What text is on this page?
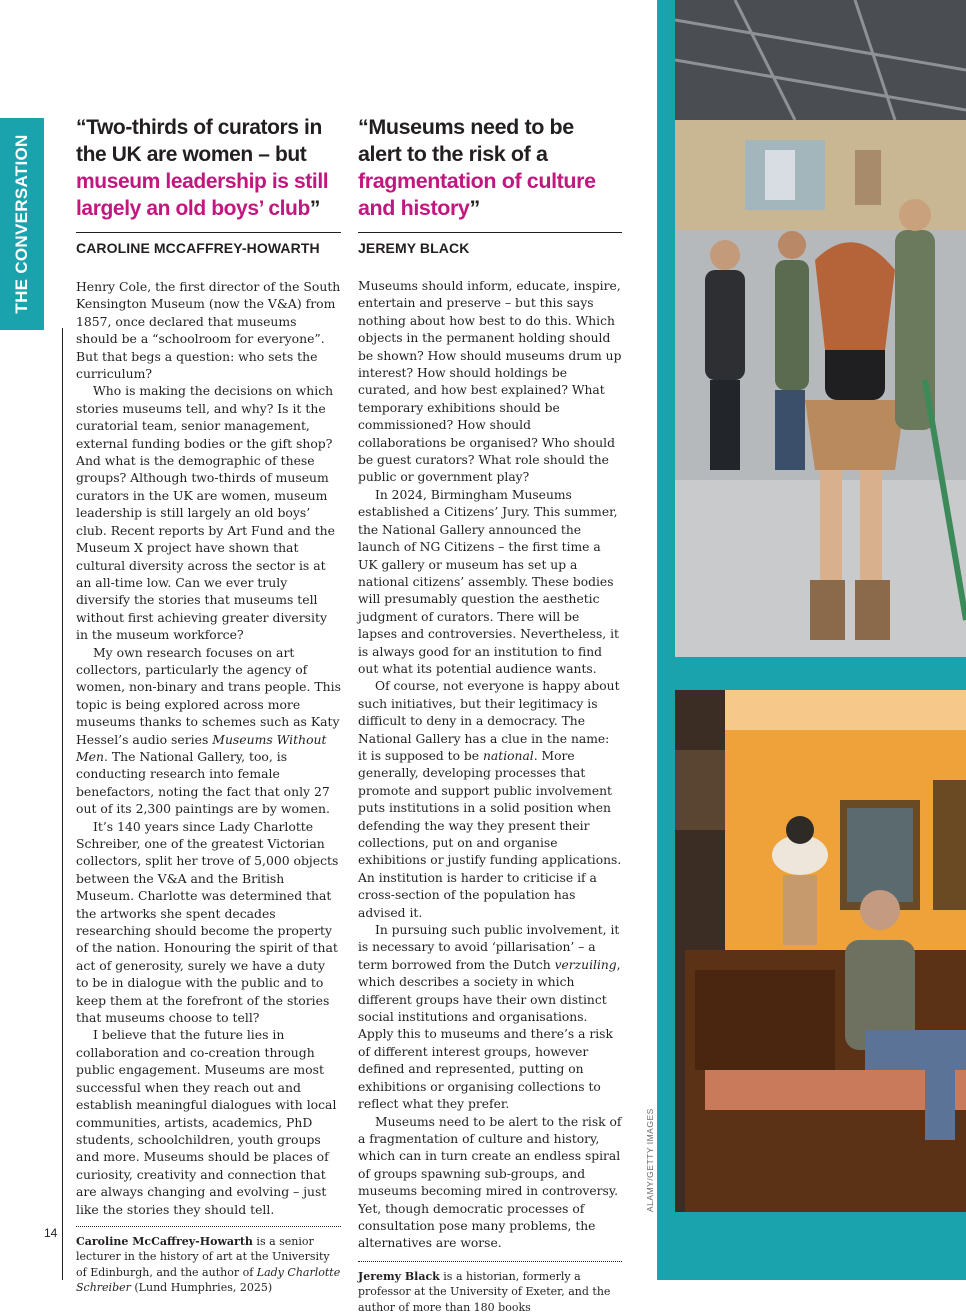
THE CONVERSATION
14
“Two-thirds of curators in the UK are women – but museum leadership is still largely an old boys’ club”
CAROLINE MCCAFFREY-HOWARTH

Henry Cole, the first director of the South Kensington Museum (now the V&A) from 1857, once declared that museums should be a “schoolroom for everyone”. But that begs a question: who sets the curriculum?

Who is making the decisions on which stories museums tell, and why? Is it the curatorial team, senior management, external funding bodies or the gift shop? And what is the demographic of these groups? Although two-thirds of museum curators in the UK are women, museum leadership is still largely an old boys’ club. Recent reports by Art Fund and the Museum X project have shown that cultural diversity across the sector is at an all-time low. Can we ever truly diversify the stories that museums tell without first achieving greater diversity in the museum workforce?

My own research focuses on art collectors, particularly the agency of women, non-binary and trans people. This topic is being explored across more museums thanks to schemes such as Katy Hessel’s audio series Museums Without Men. The National Gallery, too, is conducting research into female benefactors, noting the fact that only 27 out of its 2,300 paintings are by women.

It’s 140 years since Lady Charlotte Schreiber, one of the greatest Victorian collectors, split her trove of 5,000 objects between the V&A and the British Museum. Charlotte was determined that the artworks she spent decades researching should become the property of the nation. Honouring the spirit of that act of generosity, surely we have a duty to be in dialogue with the public and to keep them at the forefront of the stories that museums choose to tell?

I believe that the future lies in collaboration and co-creation through public engagement. Museums are most successful when they reach out and establish meaningful dialogues with local communities, artists, academics, PhD students, schoolchildren, youth groups and more. Museums should be places of curiosity, creativity and connection that are always changing and evolving – just like the stories they should tell.

Caroline McCaffrey-Howarth is a senior lecturer in the history of art at the University of Edinburgh, and the author of Lady Charlotte Schreiber (Lund Humphries, 2025)

“Museums need to be alert to the risk of a fragmentation of culture and history”
JEREMY BLACK

Museums should inform, educate, inspire, entertain and preserve – but this says nothing about how best to do this. Which objects in the permanent holding should be shown? How should museums drum up interest? How should holdings be curated, and how best explained? What temporary exhibitions should be commissioned? How should collaborations be organised? Who should be guest curators? What role should the public or government play?

In 2024, Birmingham Museums established a Citizens’ Jury. This summer, the National Gallery announced the launch of NG Citizens – the first time a UK gallery or museum has set up a national citizens’ assembly. These bodies will presumably question the aesthetic judgment of curators. There will be lapses and controversies. Nevertheless, it is always good for an institution to find out what its potential audience wants.

Of course, not everyone is happy about such initiatives, but their legitimacy is difficult to deny in a democracy. The National Gallery has a clue in the name: it is supposed to be national. More generally, developing processes that promote and support public involvement puts institutions in a solid position when defending the way they present their collections, put on and organise exhibitions or justify funding applications. An institution is harder to criticise if a cross-section of the population has advised it.

In pursuing such public involvement, it is necessary to avoid ‘pillarisation’ – a term borrowed from the Dutch verzuiling, which describes a society in which different groups have their own distinct social institutions and organisations. Apply this to museums and there’s a risk of different interest groups, however defined and represented, putting on exhibitions or organising collections to reflect what they prefer.

Museums need to be alert to the risk of a fragmentation of culture and history, which can in turn create an endless spiral of groups spawning sub-groups, and museums becoming mired in controversy. Yet, though democratic processes of consultation pose many problems, the alternatives are worse.

Jeremy Black is a historian, formerly a professor at the University of Exeter, and the author of more than 180 books

ALAMY/GETTY IMAGES
